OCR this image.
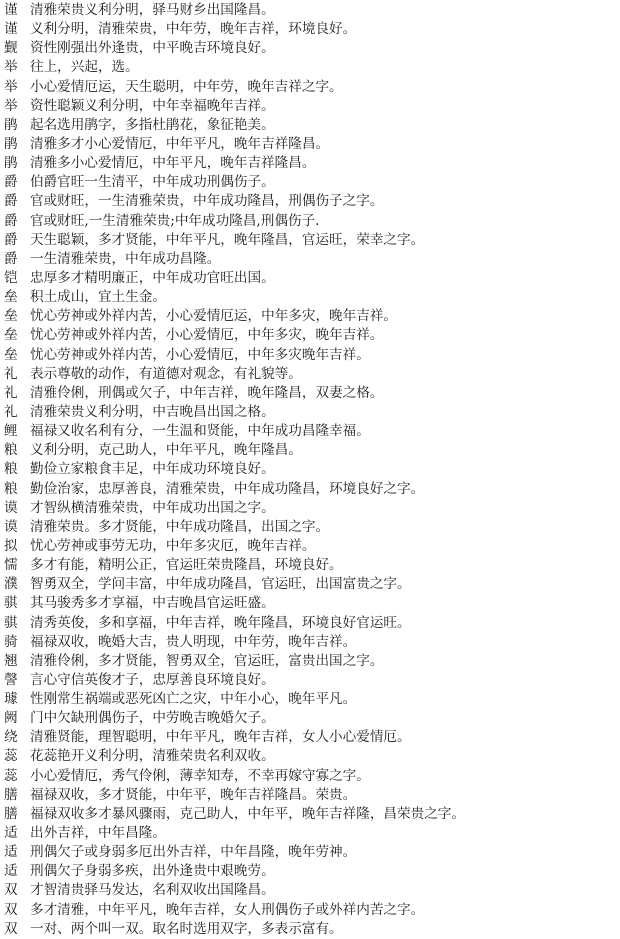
谨 清雅荣贵义利分明，驿马财乡出国隆昌。
谨 义利分明，清雅荣贵，中年劳，晚年吉祥，环境良好。
觐 资性刚强出外逢贵，中平晚吉环境良好。
举 往上，兴起，选。
举 小心爱情厄运，天生聪明，中年劳，晚年吉祥之字。
举 资性聪颖义利分明，中年幸福晚年吉祥。
鹃 起名选用鹃字，多指杜鹃花，象征艳美。
鹃 清雅多才小心爱情厄，中年平凡，晚年吉祥隆昌。
鹃 清雅多小心爱情厄，中年平凡，晚年吉祥隆昌。
爵 伯爵官旺一生清平，中年成功刑偶伤子。
爵 官或财旺，一生清雅荣贵，中年成功隆昌，刑偶伤子之字。
爵 官或财旺,一生清雅荣贵;中年成功隆昌,刑偶伤子.
爵 天生聪颖，多才贤能，中年平凡，晚年隆昌，官运旺，荣幸之字。
爵 一生清雅荣贵，中年成功昌隆。
铠 忠厚多才精明廉正，中年成功官旺出国。
垒 积土成山，宜土生金。
垒 忧心劳神或外祥内苦，小心爱情厄运，中年多灾，晚年吉祥。
垒 忧心劳神或外祥内苦，小心爱情厄，中年多灾，晚年吉祥。
垒 忧心劳神或外祥内苦，小心爱情厄，中年多灾晚年吉祥。
礼 表示尊敬的动作，有道德对观念，有礼貌等。
礼 清雅伶俐，刑偶或欠子，中年吉祥，晚年隆昌，双妻之格。
礼 清雅荣贵义利分明，中吉晚昌出国之格。
鲤 福禄又收名利有分，一生温和贤能，中年成功昌隆幸福。
粮 义利分明，克己助人，中年平凡，晚年隆昌。
粮 勤俭立家粮食丰足，中年成功环境良好。
粮 勤俭治家，忠厚善良，清雅荣贵，中年成功隆昌，环境良好之字。
谟 才智纵横清雅荣贵，中年成功出国之字。
谟 清雅荣贵。多才贤能，中年成功隆昌，出国之字。
拟 忧心劳神或事劳无功，中年多灾厄，晚年吉祥。
懦 多才有能，精明公正，官运旺荣贵隆昌，环境良好。
濮 智勇双全，学问丰富，中年成功隆昌，官运旺，出国富贵之字。
骐 其马骏秀多才享福，中吉晚昌官运旺盛。
骐 清秀英俊，多和享福，中年吉祥，晚年隆昌，环境良好官运旺。
骑 福禄双收，晚婚大吉，贵人明现，中年劳，晚年吉祥。
翘 清雅伶俐，多才贤能，智勇双全，官运旺，富贵出国之字。
謦 言心守信英俊才子，忠厚善良环境良好。
璩 性刚常生祸端或恶死凶亡之灾，中年小心，晚年平凡。
阙 门中欠缺刑偶伤子，中劳晚吉晚婚欠子。
绕 清雅贤能，理智聪明，中年平凡，晚年吉祥，女人小心爱情厄。
蕊 花蕊艳开义利分明，清雅荣贵名利双收。
蕊 小心爱情厄，秀气伶俐，薄幸知寿，不幸再嫁守寡之字。
膳 福禄双收，多才贤能，中年平，晚年吉祥隆昌。荣贵。
膳 福禄双收多才暴风骤雨，克己助人，中年平，晚年吉祥隆，昌荣贵之字。
适 出外吉祥，中年昌隆。
适 刑偶欠子或身弱多厄出外吉祥，中年昌隆，晚年劳神。
适 刑偶欠子身弱多疾，出外逢贵中艰晚劳。
双 才智清贵驿马发达，名利双收出国隆昌。
双 多才清雅，中年平凡，晚年吉祥，女人刑偶伤子或外祥内苦之字。
双 一对、两个叫一双。取名时选用双字，多表示富有。
